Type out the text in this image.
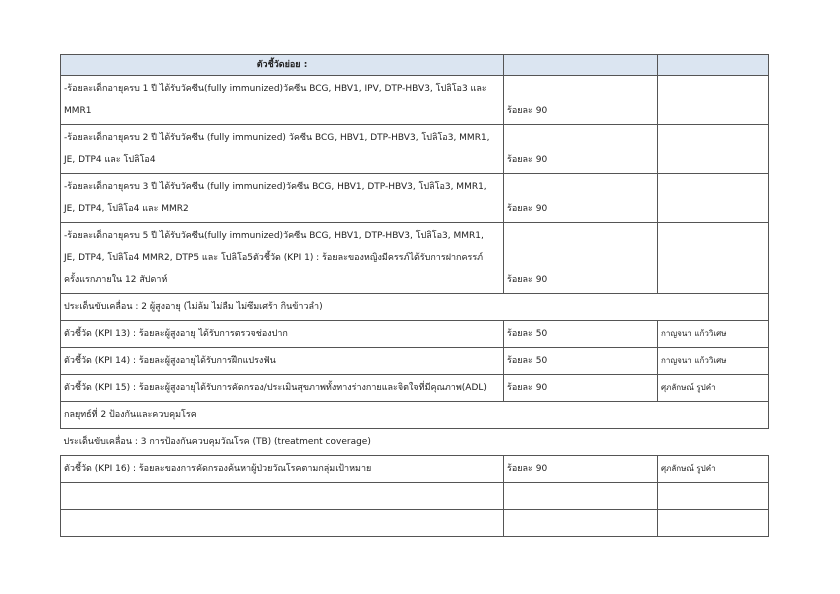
ตัวชี้วัดย่อย :		

-ร้อยละเด็กอายุครบ 1 ปี ได้รับวัคซีน(fully immunized)วัคซีน BCG, HBV1, IPV, DTP-HBV3, โปลิโอ3 และ
MMR1	ร้อยละ 90	

-ร้อยละเด็กอายุครบ 2 ปี ได้รับวัคซีน (fully immunized) วัคซีน BCG, HBV1, DTP-HBV3, โปลิโอ3, MMR1,
JE, DTP4 และ โปลิโอ4	ร้อยละ 90	

-ร้อยละเด็กอายุครบ 3 ปี ได้รับวัคซีน (fully immunized)วัคซีน BCG, HBV1, DTP-HBV3, โปลิโอ3, MMR1,
JE, DTP4, โปลิโอ4 และ MMR2	ร้อยละ 90	

-ร้อยละเด็กอายุครบ 5 ปี ได้รับวัคซีน(fully immunized)วัคซีน BCG, HBV1, DTP-HBV3, โปลิโอ3, MMR1,
JE, DTP4, โปลิโอ4 MMR2, DTP5 และ โปลิโอ5ตัวชี้วัด (KPI 1) : ร้อยละของหญิงมีครรภ์ได้รับการฝากครรภ์
ครั้งแรกภายใน 12 สัปดาห์	ร้อยละ 90	
ประเด็นขับเคลื่อน : 2 ผู้สูงอายุ (ไม่ล้ม ไม่ลืม ไม่ซึมเศร้า กินข้าวลำ)		
ตัวชี้วัด (KPI 13) : ร้อยละผู้สูงอายุ ได้รับการตรวจช่องปาก	ร้อยละ 50	กาญจนา แก้ววิเศษ
ตัวชี้วัด (KPI 14) : ร้อยละผู้สูงอายุได้รับการฝึกแปรงฟัน	ร้อยละ 50	กาญจนา แก้ววิเศษ
ตัวชี้วัด (KPI 15) : ร้อยละผู้สูงอายุได้รับการคัดกรอง/ประเมินสุขภาพทั้งทางร่างกายและจิตใจที่มีคุณภาพ(ADL)	ร้อยละ 90	ศุภลักษณ์ รูปคำ
กลยุทธ์ที่ 2 ป้องกันและควบคุมโรค		
ประเด็นขับเคลื่อน : 3 การป้องกันควบคุมวัณโรค (TB) (treatment coverage)		
ตัวชี้วัด (KPI 16) : ร้อยละของการคัดกรองค้นหาผู้ป่วยวัณโรคตามกลุ่มเป้าหมาย	ร้อยละ 90	ศุภลักษณ์ รูปคำ
